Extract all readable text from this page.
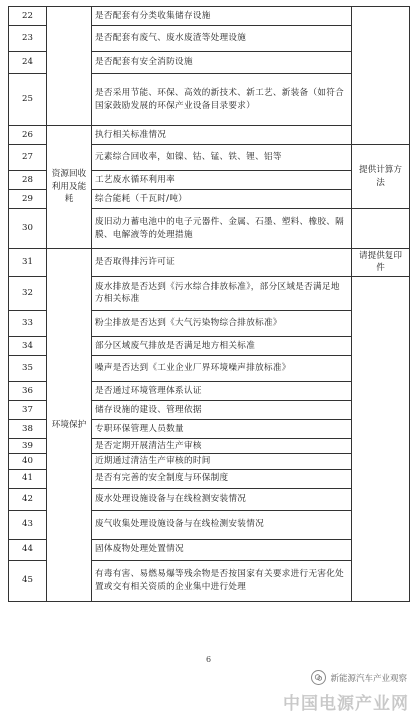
22		是否配套有分类收集储存设施	
23		是否配套有废气、废水废渣等处理设施	
24		是否配套有安全消防设施	
25		是否采用节能、环保、高效的新技术、新工艺、新装备（如符合国家鼓励发展的环保产业设备目录要求）	
26	资源回收利用及能耗	执行相关标准情况	
27		元素综合回收率，如镍、钴、锰、铁、锂、铝等	提供计算方法
28		工艺废水循环利用率	
29		综合能耗（千瓦时/吨）	
30		废旧动力蓄电池中的电子元器件、金属、石墨、塑料、橡胶、隔膜、电解液等的处理措施	
31	环境保护	是否取得排污许可证	请提供复印件
32		废水排放是否达到《污水综合排放标准》，部分区域是否满足地方相关标准	
33		粉尘排放是否达到《大气污染物综合排放标准》	
34		部分区域废气排放是否满足地方相关标准	
35		噪声是否达到《工业企业厂界环境噪声排放标准》	
36		是否通过环境管理体系认证	
37		储存设施的建设、管理依据	
38		专职环保管理人员数量	
39		是否定期开展清洁生产审核	
40		近期通过清洁生产审核的时间	
41		是否有完善的安全制度与环保制度	
42		废水处理设施设备与在线检测安装情况	
43		废气收集处理设施设备与在线检测安装情况	
44		固体废物处理处置情况	
45		有毒有害、易燃易爆等残余物是否按国家有关要求进行无害化处置或交有相关资质的企业集中进行处理	
6
新能源汽车产业观察
中国电源产业网
